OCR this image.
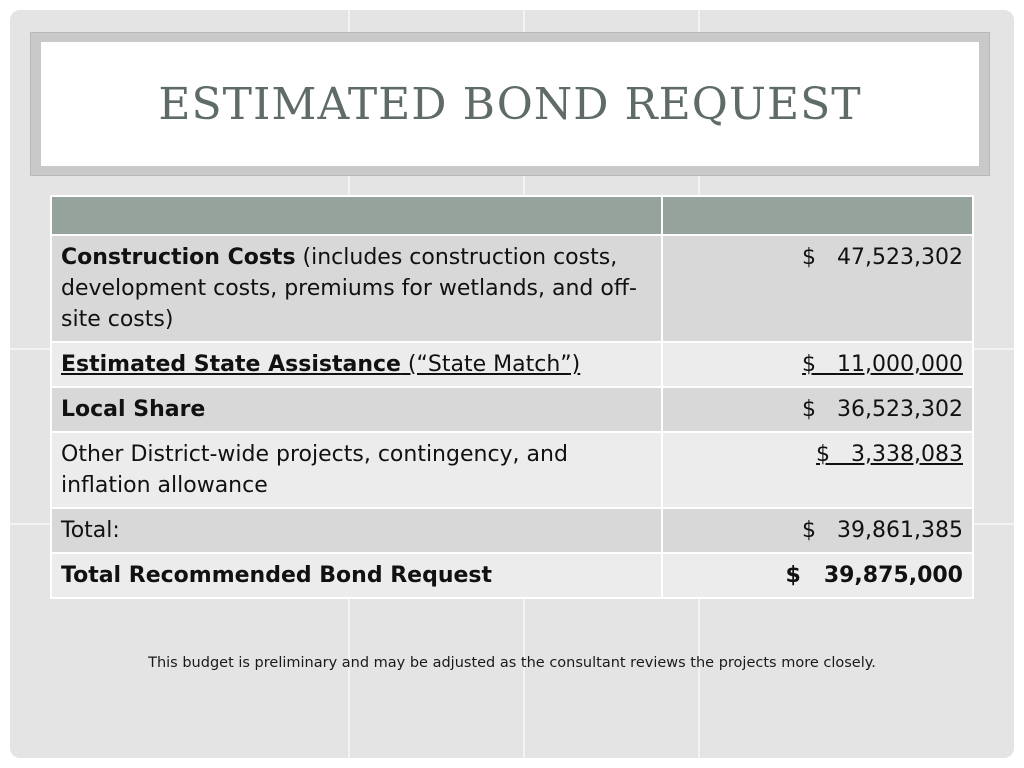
ESTIMATED BOND REQUEST

Construction Costs (includes construction costs, development costs, premiums for wetlands, and off-site costs)	$   47,523,302
Estimated State Assistance (“State Match”)	$   11,000,000
Local Share	$   36,523,302
Other District-wide projects, contingency, and inflation allowance	$   3,338,083
Total:	$   39,861,385
Total Recommended Bond Request	$   39,875,000
This budget is preliminary and may be adjusted as the consultant reviews the projects more closely.
